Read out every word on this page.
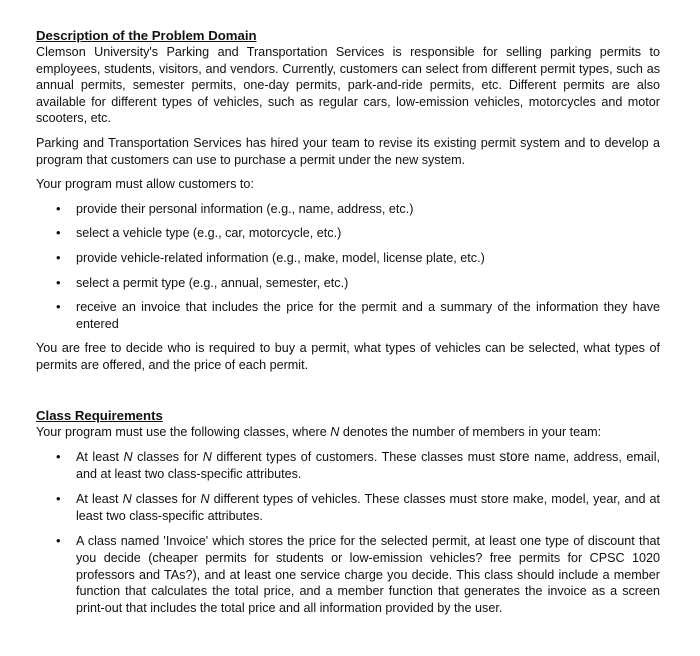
Description of the Problem Domain

Clemson University's Parking and Transportation Services is responsible for selling parking permits to employees, students, visitors, and vendors. Currently, customers can select from different permit types, such as annual permits, semester permits, one-day permits, park-and-ride permits, etc. Different permits are also available for different types of vehicles, such as regular cars, low-emission vehicles, motorcycles and motor scooters, etc.

Parking and Transportation Services has hired your team to revise its existing permit system and to develop a program that customers can use to purchase a permit under the new system.

Your program must allow customers to:

• provide their personal information (e.g., name, address, etc.)
• select a vehicle type (e.g., car, motorcycle, etc.)
• provide vehicle-related information (e.g., make, model, license plate, etc.)
• select a permit type (e.g., annual, semester, etc.)
• receive an invoice that includes the price for the permit and a summary of the information they have entered

You are free to decide who is required to buy a permit, what types of vehicles can be selected, what types of permits are offered, and the price of each permit.

Class Requirements

Your program must use the following classes, where N denotes the number of members in your team:

• At least N classes for N different types of customers. These classes must store name, address, email, and at least two class-specific attributes.
• At least N classes for N different types of vehicles. These classes must store make, model, year, and at least two class-specific attributes.
• A class named 'Invoice' which stores the price for the selected permit, at least one type of discount that you decide (cheaper permits for students or low-emission vehicles? free permits for CPSC 1020 professors and TAs?), and at least one service charge you decide. This class should include a member function that calculates the total price, and a member function that generates the invoice as a screen print-out that includes the total price and all information provided by the user.
